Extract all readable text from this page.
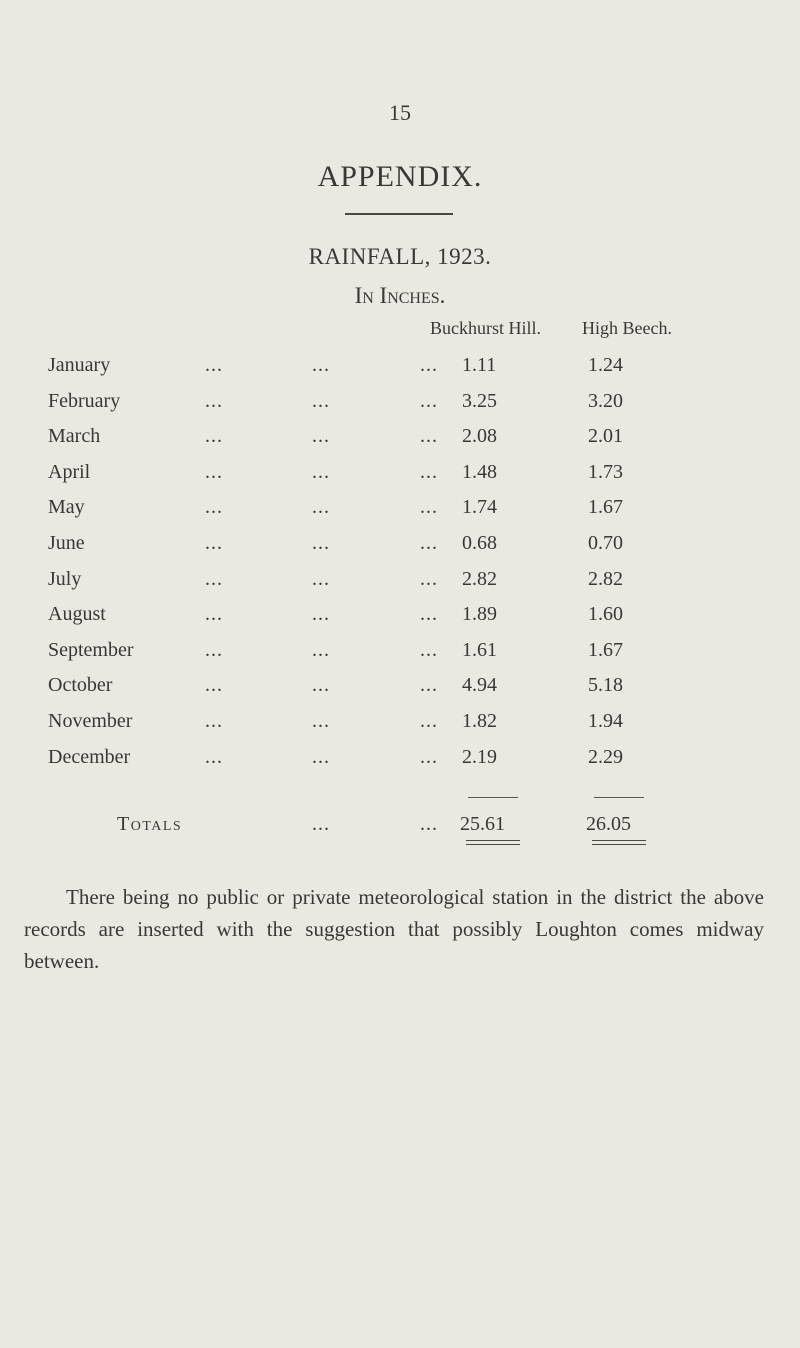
15
APPENDIX.
RAINFALL, 1923.
In Inches.
Buckhurst Hill. High Beech.
January	...	...	... 1.11	1.24
February	...	...	... 3.25	3.20
March	...	...	... 2.08	2.01
April	...	...	... 1.48	1.73
May	...	...	... 1.74	1.67
June	...	...	... 0.68	0.70
July	...	...	... 2.82	2.82
August	...	...	... 1.89	1.60
September	...	...	... 1.61	1.67
October	...	...	... 4.94	5.18
November	...	...	... 1.82	1.94
December	...	...	... 2.19	2.29
Totals	...	... 25.61	26.05

There being no public or private meteorological station in the district the above records are inserted with the suggestion that possibly Loughton comes midway between.
